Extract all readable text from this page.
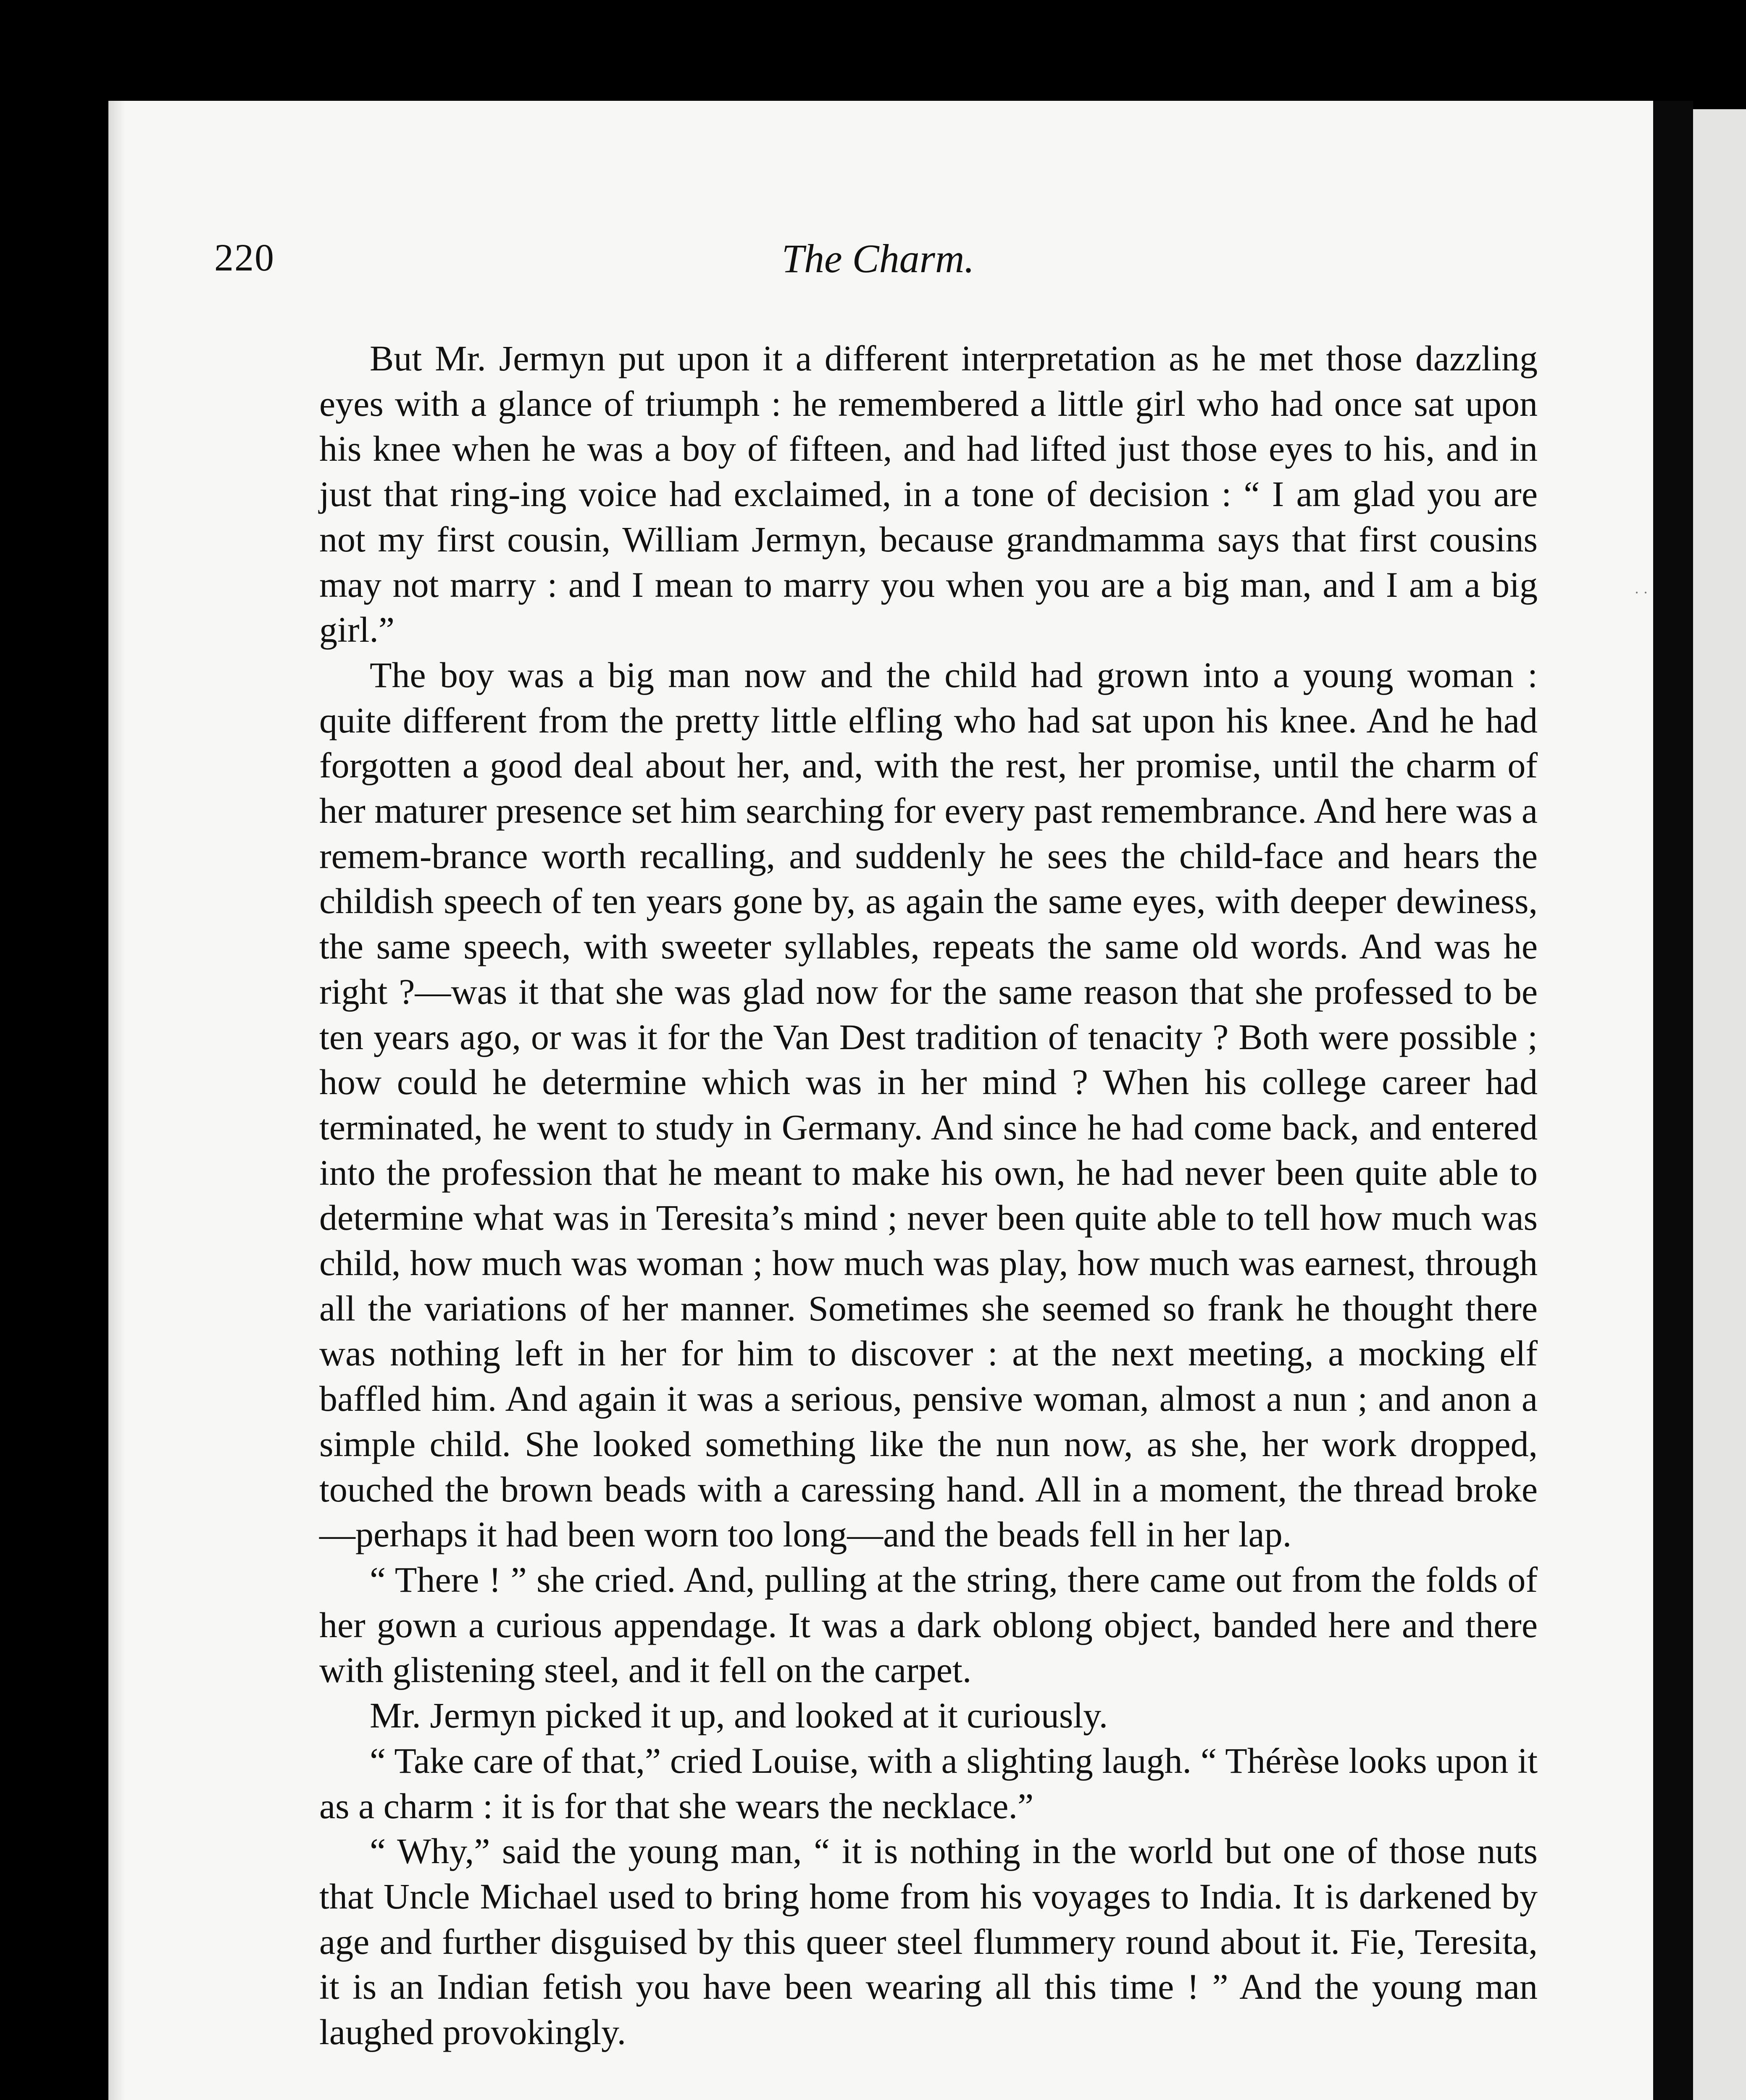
· ·
220	The Charm.

But Mr. Jermyn put upon it a different interpretation as he met those dazzling eyes with a glance of triumph : he remembered a little girl who had once sat upon his knee when he was a boy of fifteen, and had lifted just those eyes to his, and in just that ring-ing voice had exclaimed, in a tone of decision : “ I am glad you are not my first cousin, William Jermyn, because grandmamma says that first cousins may not marry : and I mean to marry you when you are a big man, and I am a big girl.”

The boy was a big man now and the child had grown into a young woman : quite different from the pretty little elfling who had sat upon his knee. And he had forgotten a good deal about her, and, with the rest, her promise, until the charm of her maturer presence set him searching for every past remembrance. And here was a remem-brance worth recalling, and suddenly he sees the child-face and hears the childish speech of ten years gone by, as again the same eyes, with deeper dewiness, the same speech, with sweeter syllables, repeats the same old words. And was he right ?—was it that she was glad now for the same reason that she professed to be ten years ago, or was it for the Van Dest tradition of tenacity ? Both were possible ; how could he determine which was in her mind ? When his college career had terminated, he went to study in Germany. And since he had come back, and entered into the profession that he meant to make his own, he had never been quite able to determine what was in Teresita’s mind ; never been quite able to tell how much was child, how much was woman ; how much was play, how much was earnest, through all the variations of her manner. Sometimes she seemed so frank he thought there was nothing left in her for him to discover : at the next meeting, a mocking elf baffled him. And again it was a serious, pensive woman, almost a nun ; and anon a simple child. She looked something like the nun now, as she, her work dropped, touched the brown beads with a caressing hand. All in a moment, the thread broke—perhaps it had been worn too long—and the beads fell in her lap.

“ There ! ” she cried. And, pulling at the string, there came out from the folds of her gown a curious appendage. It was a dark oblong object, banded here and there with glistening steel, and it fell on the carpet.

Mr. Jermyn picked it up, and looked at it curiously.

“ Take care of that,” cried Louise, with a slighting laugh. “ Thérèse looks upon it as a charm : it is for that she wears the necklace.”

“ Why,” said the young man, “ it is nothing in the world but one of those nuts that Uncle Michael used to bring home from his voyages to India. It is darkened by age and further disguised by this queer steel flummery round about it. Fie, Teresita, it is an Indian fetish you have been wearing all this time ! ” And the young man laughed provokingly.
